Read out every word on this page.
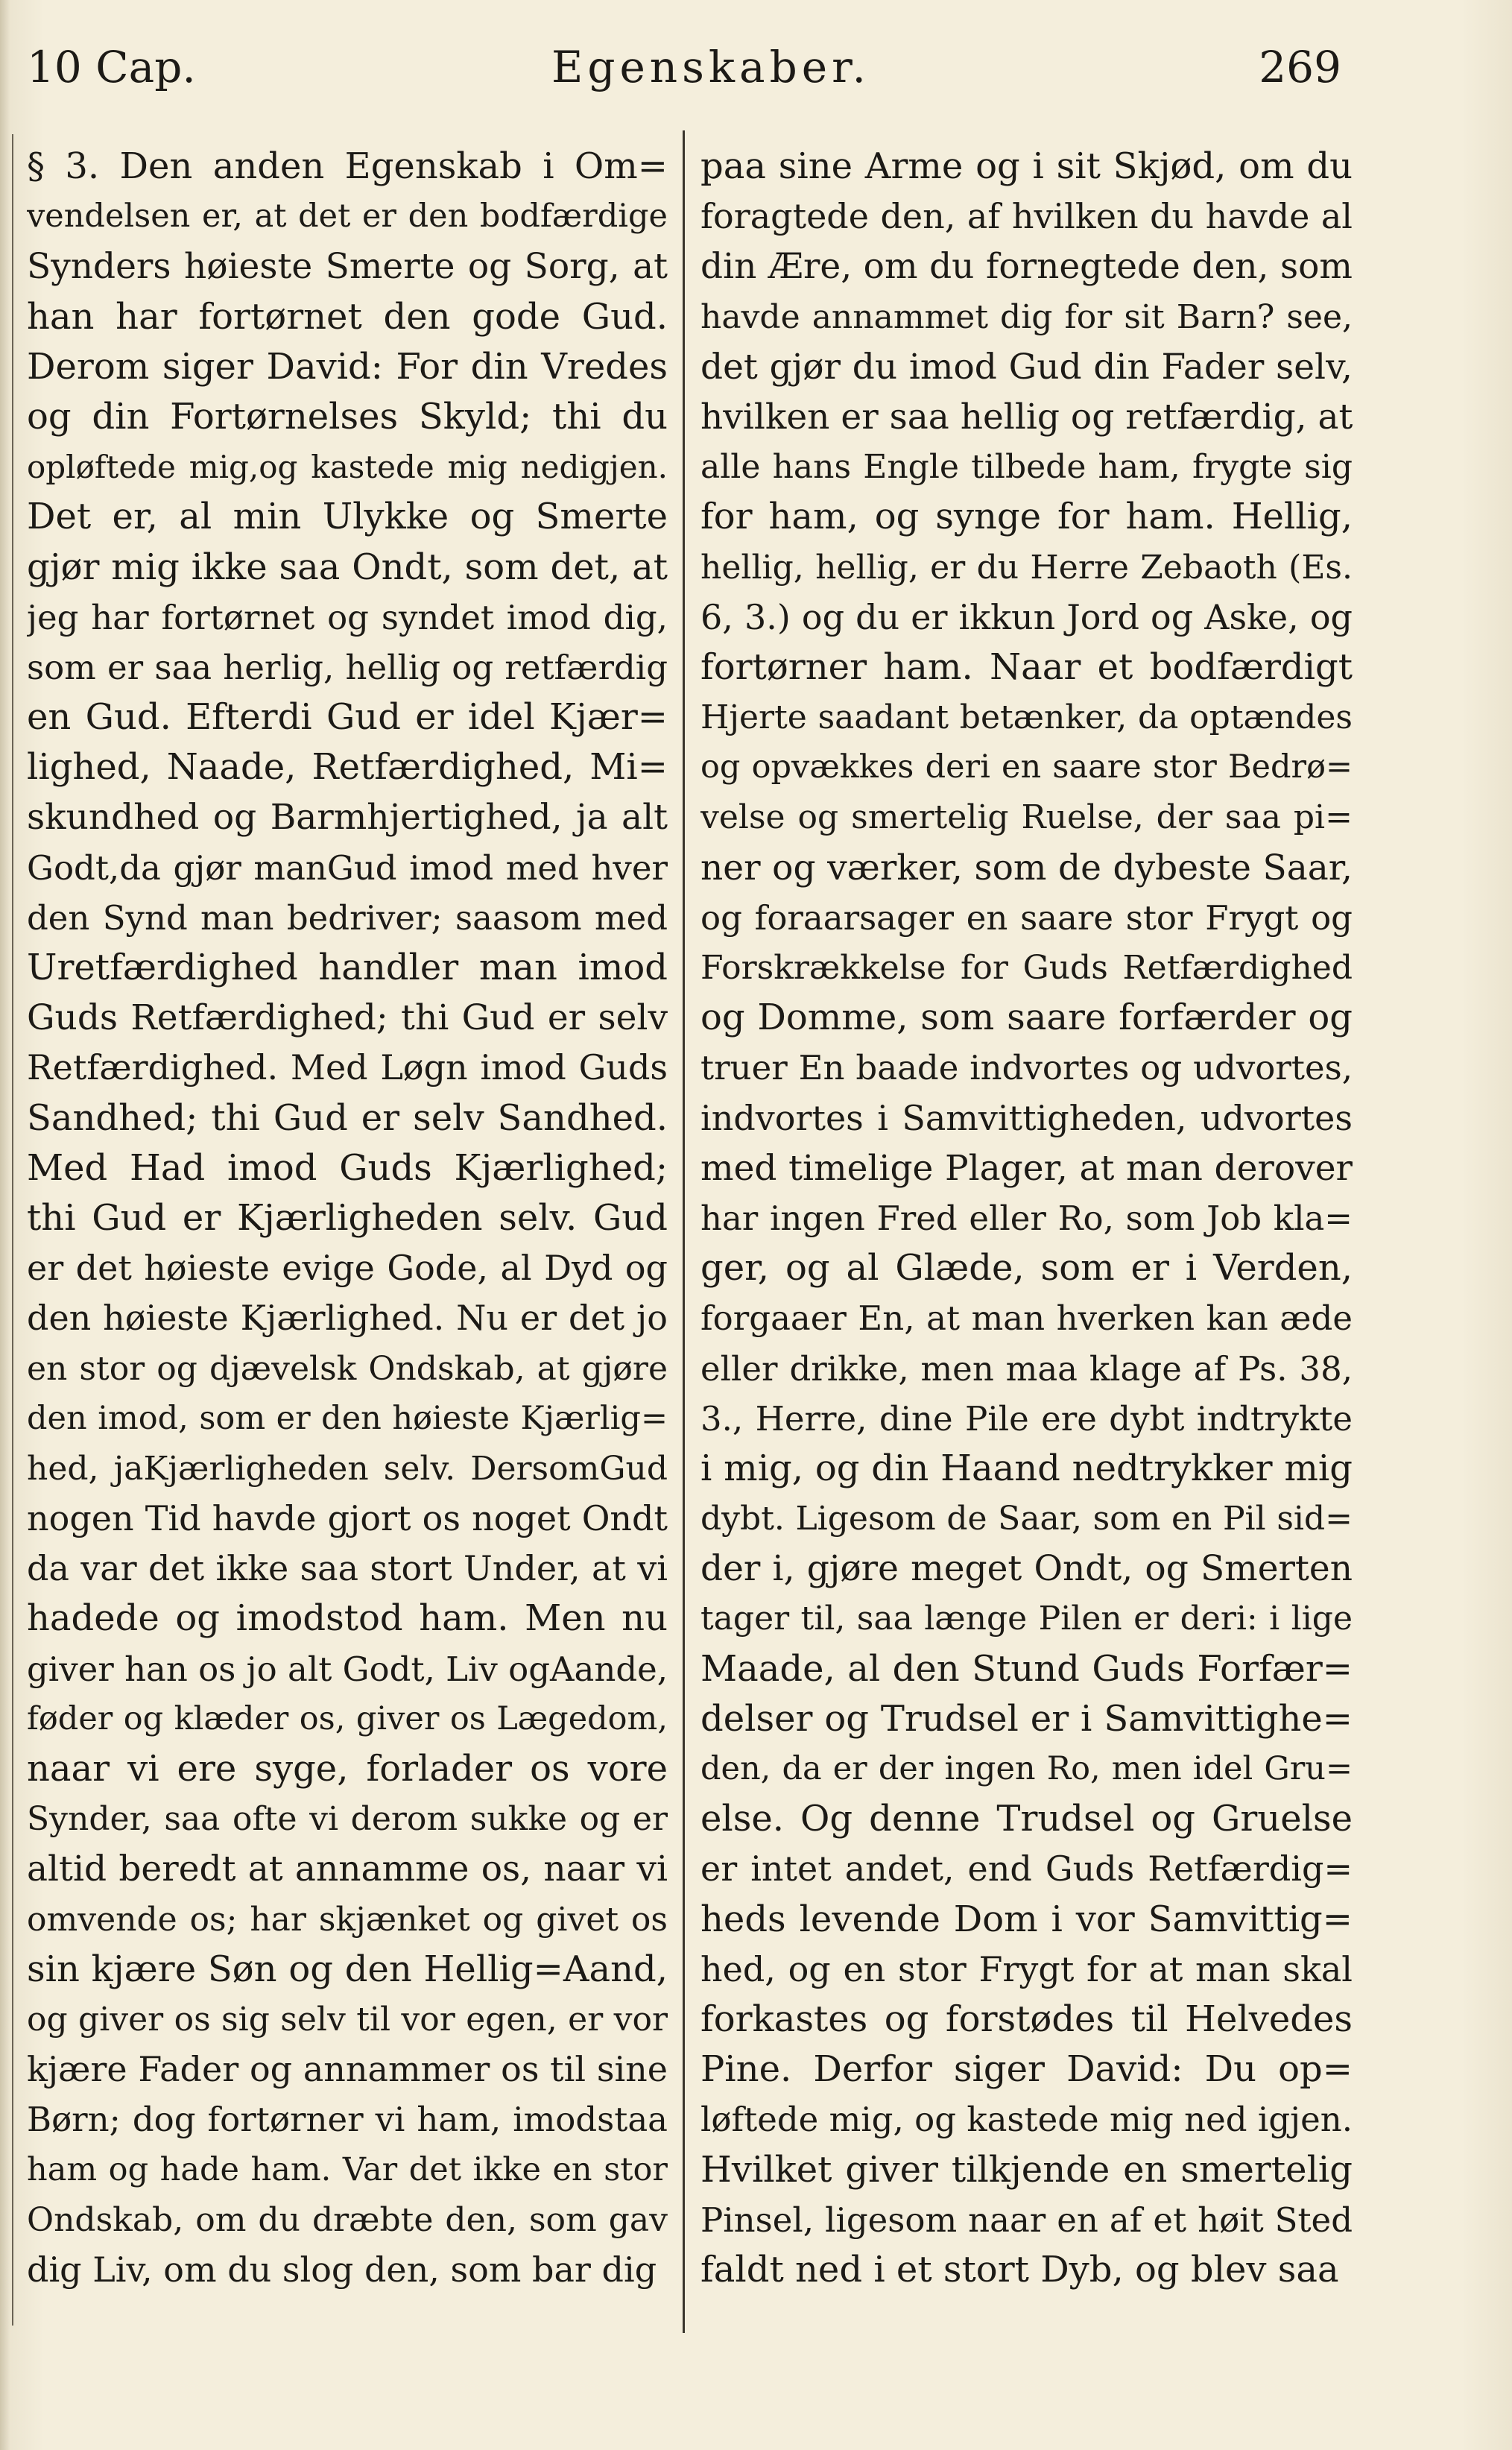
10 Cap.	Egenskaber.	269
§ 3. Den anden Egenskab i Om=
vendelsen er, at det er den bodfærdige
Synders høieste Smerte og Sorg, at
han har fortørnet den gode Gud.
Derom siger David: For din Vredes
og din Fortørnelses Skyld; thi du
opløftede mig,og kastede mig nedigjen.
Det er, al min Ulykke og Smerte
gjør mig ikke saa Ondt, som det, at
jeg har fortørnet og syndet imod dig,
som er saa herlig, hellig og retfærdig
en Gud. Efterdi Gud er idel Kjær=
lighed, Naade, Retfærdighed, Mi=
skundhed og Barmhjertighed, ja alt
Godt,da gjør manGud imod med hver
den Synd man bedriver; saasom med
Uretfærdighed handler man imod
Guds Retfærdighed; thi Gud er selv
Retfærdighed. Med Løgn imod Guds
Sandhed; thi Gud er selv Sandhed.
Med Had imod Guds Kjærlighed;
thi Gud er Kjærligheden selv. Gud
er det høieste evige Gode, al Dyd og
den høieste Kjærlighed. Nu er det jo
en stor og djævelsk Ondskab, at gjøre
den imod, som er den høieste Kjærlig=
hed, jaKjærligheden selv. DersomGud
nogen Tid havde gjort os noget Ondt
da var det ikke saa stort Under, at vi
hadede og imodstod ham. Men nu
giver han os jo alt Godt, Liv ogAande,
føder og klæder os, giver os Lægedom,
naar vi ere syge, forlader os vore
Synder, saa ofte vi derom sukke og er
altid beredt at annamme os, naar vi
omvende os; har skjænket og givet os
sin kjære Søn og den Hellig=Aand,
og giver os sig selv til vor egen, er vor
kjære Fader og annammer os til sine
Børn; dog fortørner vi ham, imodstaa
ham og hade ham. Var det ikke en stor
Ondskab, om du dræbte den, som gav
dig Liv, om du slog den, som bar dig
paa sine Arme og i sit Skjød, om du
foragtede den, af hvilken du havde al
din Ære, om du fornegtede den, som
havde annammet dig for sit Barn? see,
det gjør du imod Gud din Fader selv,
hvilken er saa hellig og retfærdig, at
alle hans Engle tilbede ham, frygte sig
for ham, og synge for ham. Hellig,
hellig, hellig, er du Herre Zebaoth (Es.
6, 3.) og du er ikkun Jord og Aske, og
fortørner ham. Naar et bodfærdigt
Hjerte saadant betænker, da optændes
og opvækkes deri en saare stor Bedrø=
velse og smertelig Ruelse, der saa pi=
ner og værker, som de dybeste Saar,
og foraarsager en saare stor Frygt og
Forskrækkelse for Guds Retfærdighed
og Domme, som saare forfærder og
truer En baade indvortes og udvortes,
indvortes i Samvittigheden, udvortes
med timelige Plager, at man derover
har ingen Fred eller Ro, som Job kla=
ger, og al Glæde, som er i Verden,
forgaaer En, at man hverken kan æde
eller drikke, men maa klage af Ps. 38,
3., Herre, dine Pile ere dybt indtrykte
i mig, og din Haand nedtrykker mig
dybt. Ligesom de Saar, som en Pil sid=
der i, gjøre meget Ondt, og Smerten
tager til, saa længe Pilen er deri: i lige
Maade, al den Stund Guds Forfær=
delser og Trudsel er i Samvittighe=
den, da er der ingen Ro, men idel Gru=
else. Og denne Trudsel og Gruelse
er intet andet, end Guds Retfærdig=
heds levende Dom i vor Samvittig=
hed, og en stor Frygt for at man skal
forkastes og forstødes til Helvedes
Pine. Derfor siger David: Du op=
løftede mig, og kastede mig ned igjen.
Hvilket giver tilkjende en smertelig
Pinsel, ligesom naar en af et høit Sted
faldt ned i et stort Dyb, og blev saa
